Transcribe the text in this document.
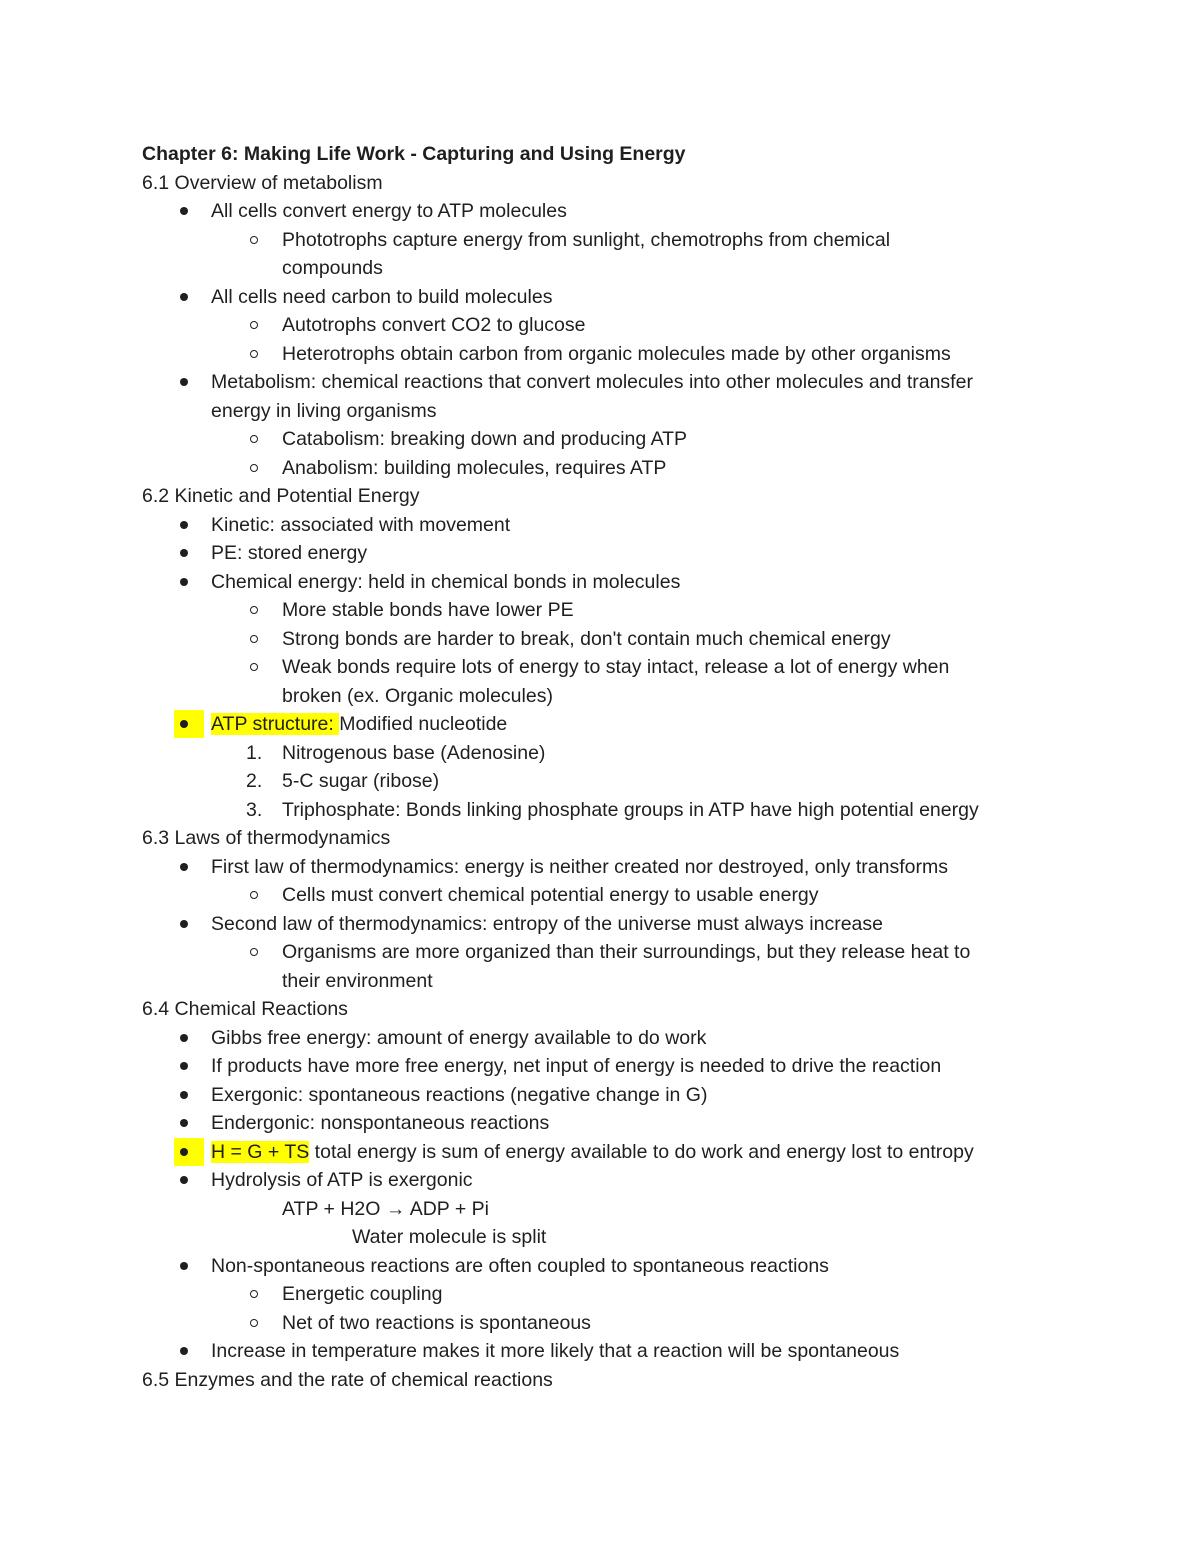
Chapter 6: Making Life Work - Capturing and Using Energy
6.1 Overview of metabolism
All cells convert energy to ATP molecules
Phototrophs capture energy from sunlight, chemotrophs from chemical
compounds
All cells need carbon to build molecules
Autotrophs convert CO2 to glucose
Heterotrophs obtain carbon from organic molecules made by other organisms
Metabolism: chemical reactions that convert molecules into other molecules and transfer
energy in living organisms
Catabolism: breaking down and producing ATP
Anabolism: building molecules, requires ATP
6.2 Kinetic and Potential Energy
Kinetic: associated with movement
PE: stored energy
Chemical energy: held in chemical bonds in molecules
More stable bonds have lower PE
Strong bonds are harder to break, don't contain much chemical energy
Weak bonds require lots of energy to stay intact, release a lot of energy when
broken (ex. Organic molecules)
ATP structure: Modified nucleotide
1. Nitrogenous base (Adenosine)
2. 5-C sugar (ribose)
3. Triphosphate: Bonds linking phosphate groups in ATP have high potential energy
6.3 Laws of thermodynamics
First law of thermodynamics: energy is neither created nor destroyed, only transforms
Cells must convert chemical potential energy to usable energy
Second law of thermodynamics: entropy of the universe must always increase
Organisms are more organized than their surroundings, but they release heat to
their environment
6.4 Chemical Reactions
Gibbs free energy: amount of energy available to do work
If products have more free energy, net input of energy is needed to drive the reaction
Exergonic: spontaneous reactions (negative change in G)
Endergonic: nonspontaneous reactions
H = G + TS total energy is sum of energy available to do work and energy lost to entropy
Hydrolysis of ATP is exergonic
ATP + H2O → ADP + Pi
Water molecule is split
Non-spontaneous reactions are often coupled to spontaneous reactions
Energetic coupling
Net of two reactions is spontaneous
Increase in temperature makes it more likely that a reaction will be spontaneous
6.5 Enzymes and the rate of chemical reactions
